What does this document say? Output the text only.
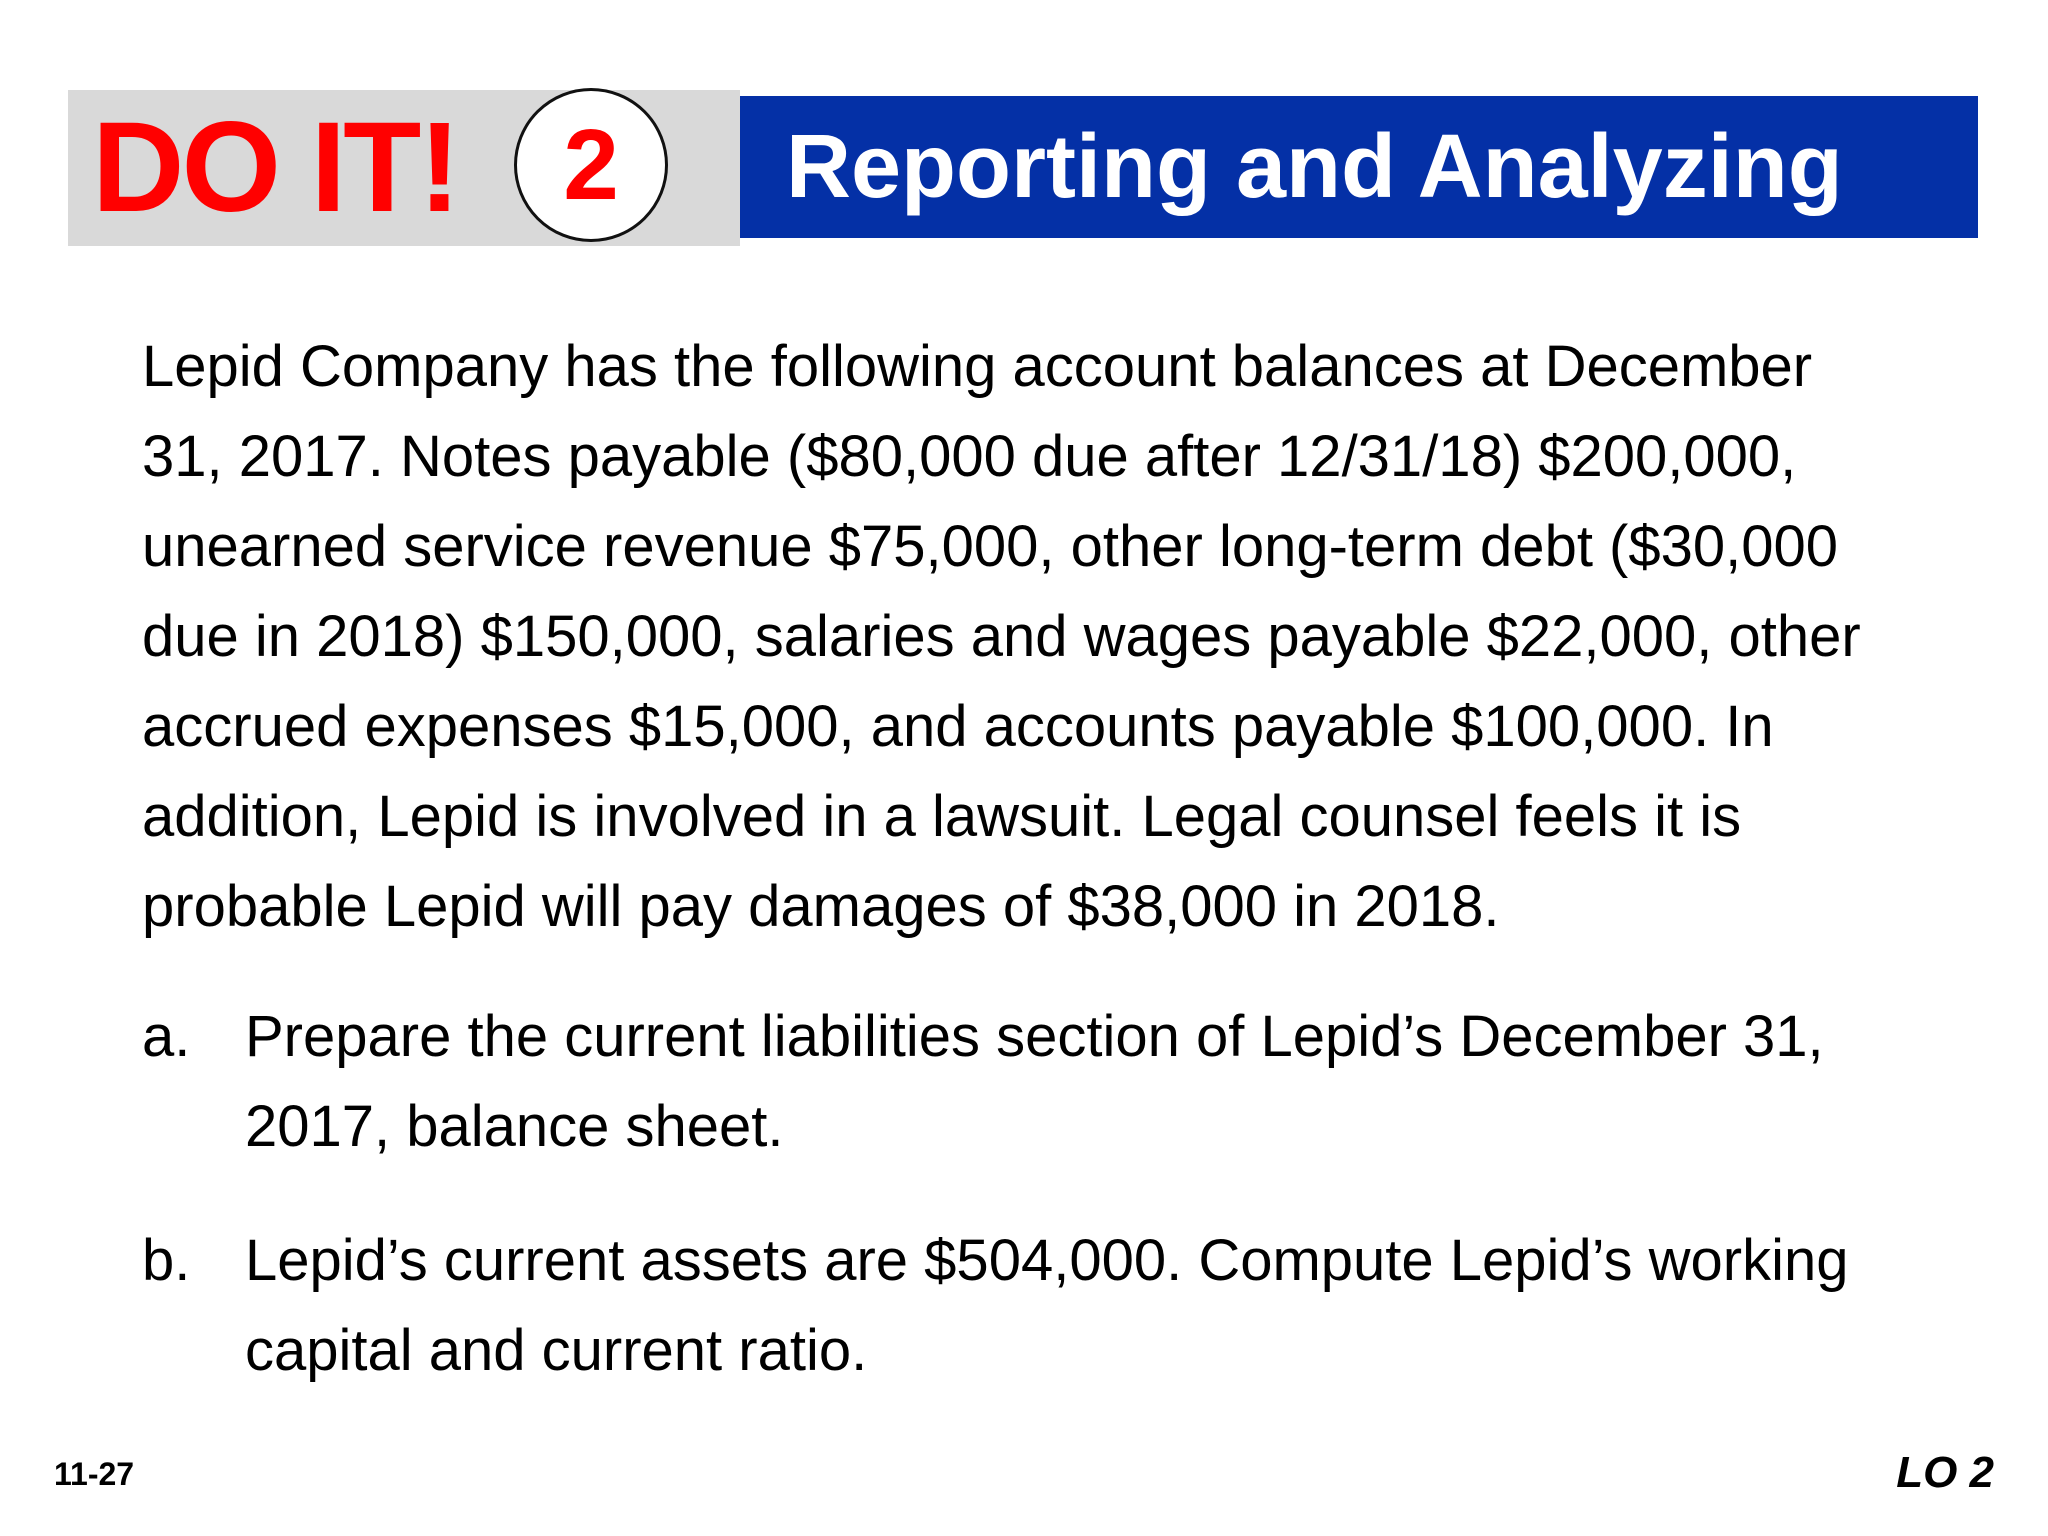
DO IT!	2	Reporting and Analyzing

Lepid Company has the following account balances at December

31, 2017. Notes payable ($80,000 due after 12/31/18) $200,000,

unearned service revenue $75,000, other long-term debt ($30,000

due in 2018) $150,000, salaries and wages payable $22,000, other

accrued expenses $15,000, and accounts payable $100,000. In

addition, Lepid is involved in a lawsuit. Legal counsel feels it is

probable Lepid will pay damages of $38,000 in 2018.

a. Prepare the current liabilities section of Lepid’s December 31,

2017, balance sheet.

b. Lepid’s current assets are $504,000. Compute Lepid’s working

capital and current ratio.

11-27	LO 2
